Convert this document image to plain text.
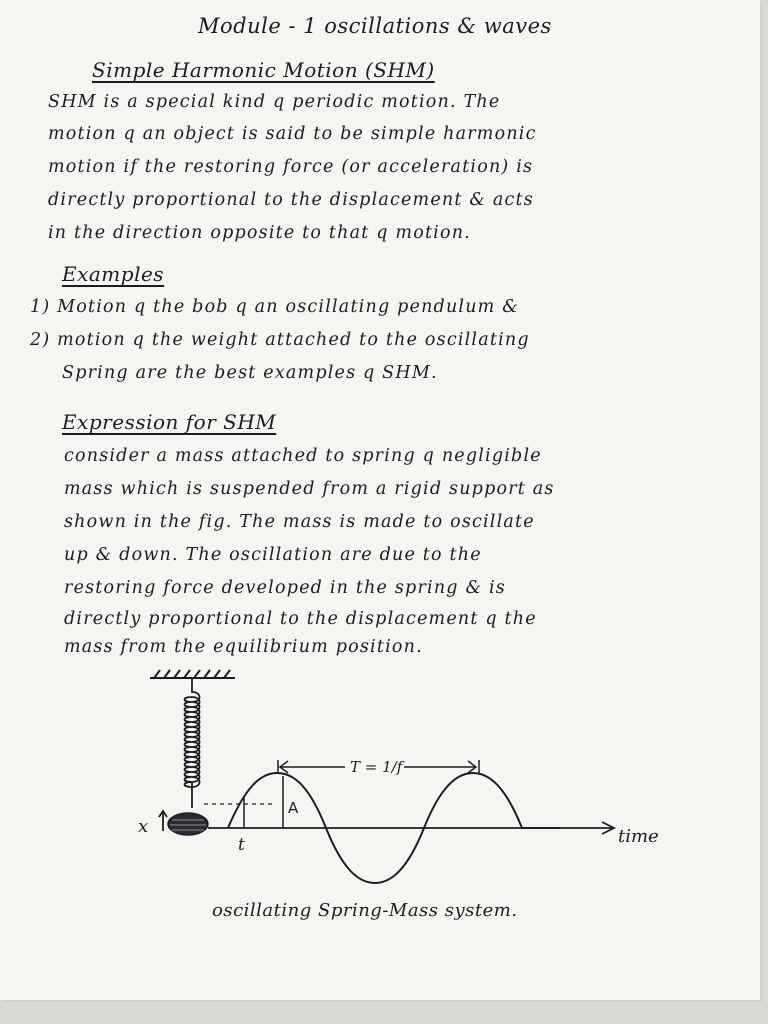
Module - 1 oscillations & waves
Simple Harmonic Motion (SHM)
SHM is a special kind q periodic motion. The
motion q an object is said to be simple harmonic
motion if the restoring force (or acceleration) is
directly proportional to the displacement & acts
in the direction opposite to that q motion.
Examples
1) Motion q the bob q an oscillating pendulum &
2) motion q the weight attached to the oscillating
Spring are the best examples q SHM.
Expression for SHM
consider a mass attached to spring q negligible
mass which is suspended from a rigid support as
shown in the fig. The mass is made to oscillate
up & down. The oscillation are due to the
restoring force developed in the spring & is
directly proportional to the displacement q the
mass from the equilibrium position.
x	time
t
A
T = 1/f
oscillating Spring-Mass system.
